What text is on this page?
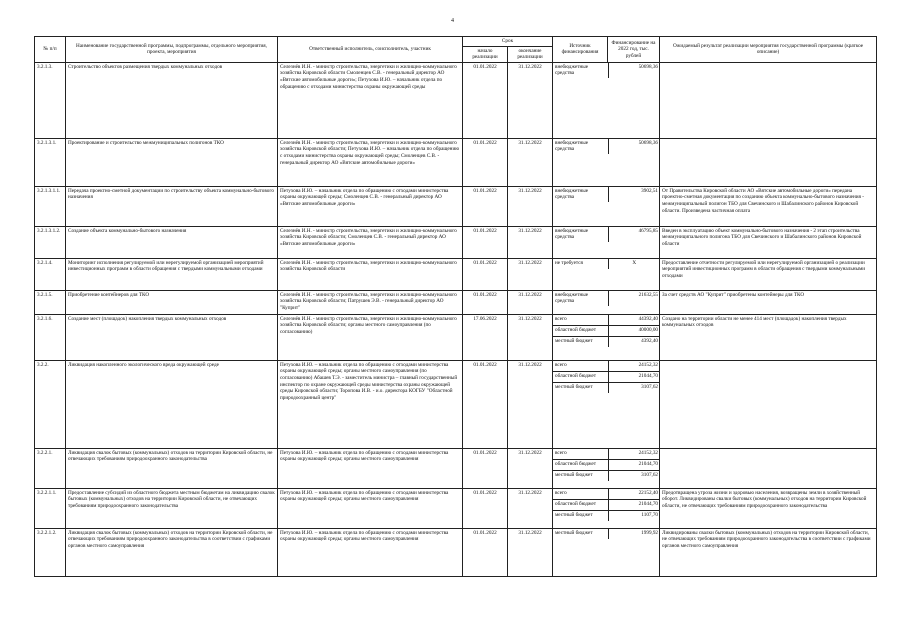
4
№ п/п	Наименование государственной программы, подпрограммы, отдельного мероприятия, проекта, мероприятия	Ответственный исполнитель, соисполнитель, участник	Срок	Источник финансирования	Финансирование на 2022 год, тыс. рублей	Ожидаемый результат реализации мероприятия государственной программы (краткое описание)
начало реализации	окончание реализации
3.2.1.3.	Строительство объектов размещения твердых коммунальных отходов	Селезнёв И.Н. - министр строительства, энергетики и жилищно-коммунального хозяйства Кировской области Смоленцев С.В. - генеральный директор АО «Вятские автомобильные дороги»; Петухова И.Ю. – начальник отдела по обращению с отходами министерства охраны окружающей среды	01.01.2022	31.12.2022		внебюджетные средства	50698,36

3.2.1.3.1.	Проектирование и строительство межмуниципальных полигонов ТКО	Селезнёв И.Н. - министр строительства, энергетики и жилищно-коммунального хозяйства Кировской области; Петухова И.Ю. – начальник отдела по обращению с отходами министерства охраны окружающей среды; Смоленцев С.В. - генеральный директор АО «Вятские автомобильные дороги»	01.01.2022	31.12.2022		внебюджетные средства	50698,36

3.2.1.3.1.1.	Передача проектно-сметной документации по строительству объекта коммунально-бытового назначения	Петухова И.Ю. – начальник отдела по обращению с отходами министерства охраны окружающей среды; Смоленцев С.В. - генеральный директор АО «Вятские автомобильные дороги»	01.01.2022	31.12.2022		внебюджетные средства	3902,51
	От Правительства Кировской области АО «Вятские автомобильные дороги» передана проектно-сметная документация по созданию объекта коммунально-бытового назначения - межмуниципальный полигон ТБО для Свечинского и Шабалинского районов Кировской области. Произведена частичная оплата
3.2.1.3.1.2.	Создание объекта коммунально-бытового назначения	Селезнёв И.Н. - министр строительства, энергетики и жилищно-коммунального хозяйства Кировской области; Смоленцев С.В. - генеральный директор АО «Вятские автомобильные дороги»	01.01.2022	31.12.2022		внебюджетные средства	46795,85
	Введен в эксплуатацию объект коммунально-бытового назначения - 2 этап строительства межмуниципального полигона ТБО для Свечинского и Шабалинского районов Кировской области
3.2.1.4.	Мониторинг исполнения регулируемой или нерегулируемой организацией мероприятий инвестиционных программ в области обращения с твердыми коммунальными отходами	Селезнёв И.Н. - министр строительства, энергетики и жилищно-коммунального хозяйства Кировской области	01.01.2022	31.12.2022		не требуется	Х
		Предоставление отчетности регулируемой или нерегулируемой организацией о реализации мероприятий инвестиционных программ в области обращения с твердыми коммунальными отходами
3.2.1.5.	Приобретение контейнеров для ТКО	Селезнёв И.Н. - министр строительства, энергетики и жилищно-коммунального хозяйства Кировской области; Патрушев Э.В. - генеральный директор АО "Куприт"	01.01.2022	31.12.2022		внебюджетные средства	21632,55
	За счет средств АО "Куприт" приобретены контейнеры для ТКО
3.2.1.6.	Создание мест (площадок) накопления твердых коммунальных отходов	Селезнёв И.Н. - министр строительства, энергетики и жилищно-коммунального хозяйства Кировской области; органы местного самоуправления (по согласованию)	17.06.2022	31.12.2022		всего	44392,40
областной бюджет	40000,00
местный бюджет	4392,40
	Создано на территории области не менее 414 мест (площадок) накопления твердых коммунальных отходов
3.2.2.	Ликвидация накопленного экологического вреда окружающей среде	Петухова И.Ю. – начальник отдела по обращению с отходами министерства охраны окружающей среды; органы местного самоуправления (по согласованию) Абашев Т.Э. - заместитель министра – главный государственный инспектор по охране окружающей среды министерства охраны окружающей среды Кировской области; Торопова И.В. - и.о. директора КОГБУ "Областной природоохранный центр"	01.01.2022	31.12.2022		всего	24152,32
областной бюджет	21044,70
местный бюджет	3107,62

3.2.2.1.	Ликвидация свалок бытовых (коммунальных) отходов на территории Кировской области, не отвечающих требованиям природоохранного законодательства	Петухова И.Ю. – начальник отдела по обращению с отходами министерства охраны окружающей среды; органы местного самоуправления	01.01.2022	31.12.2022		всего	24152,32
областной бюджет	21044,70
местный бюджет	3107,62

3.2.2.1.1.	Предоставление субсидий из областного бюджета местным бюджетам на ликвидацию свалок бытовых (коммунальных) отходов на территории Кировской области, не отвечающих требованиям природоохранного законодательства	Петухова И.Ю. – начальник отдела по обращению с отходами министерства охраны окружающей среды; органы местного самоуправления	01.01.2022	31.12.2022		всего	22152,40
областной бюджет	21044,70
местный бюджет	1107,70
	Предотвращена угроза жизни и здоровью населения, возвращены земли в хозяйственный оборот. Ликвидированы свалки бытовых (коммунальных) отходов на территории Кировской области, не отвечающих требованиям природоохранного законодательства
3.2.2.1.2.	Ликвидация свалок бытовых (коммунальных) отходов на территории Кировской области, не отвечающих требованиям природоохранного законодательства в соответствии с графиками органов местного самоуправления	Петухова И.Ю. – начальник отдела по обращению с отходами министерства охраны окружающей среды; органы местного самоуправления	01.01.2022	31.12.2022		местный бюджет	1999,92
	Ликвидированы свалки бытовых (коммунальных) отходов на территории Кировской области, не отвечающих требованиям природоохранного законодательства в соответствии с графиками органов местного самоуправления
